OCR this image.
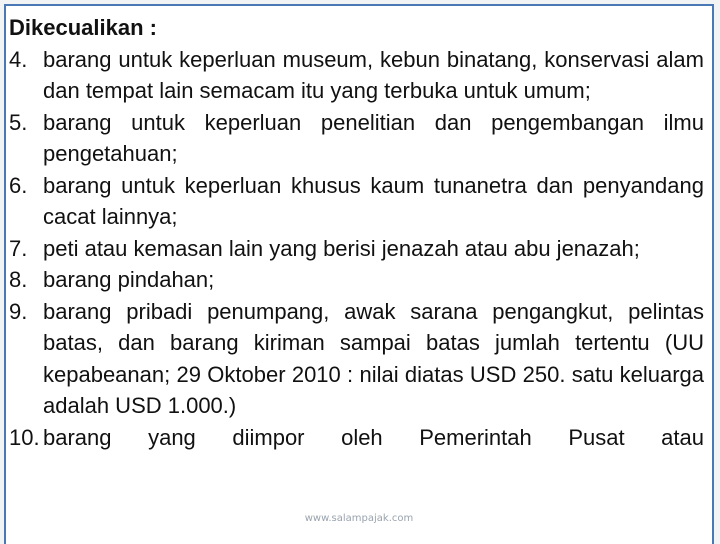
Dikecualikan :
4. barang untuk keperluan museum, kebun binatang, konservasi alam dan tempat lain semacam itu yang terbuka untuk umum;
5. barang untuk keperluan penelitian dan pengembangan ilmu pengetahuan;
6. barang untuk keperluan khusus kaum tunanetra dan penyandang cacat lainnya;
7. peti atau kemasan lain yang berisi jenazah atau abu jenazah;
8. barang pindahan;
9. barang pribadi penumpang, awak sarana pengangkut, pelintas batas, dan barang kiriman sampai batas jumlah tertentu (UU kepabeanan; 29 Oktober 2010 : nilai diatas USD 250. satu keluarga adalah USD 1.000.)
10. barang yang diimpor oleh Pemerintah Pusat atau
www.salampajak.com
